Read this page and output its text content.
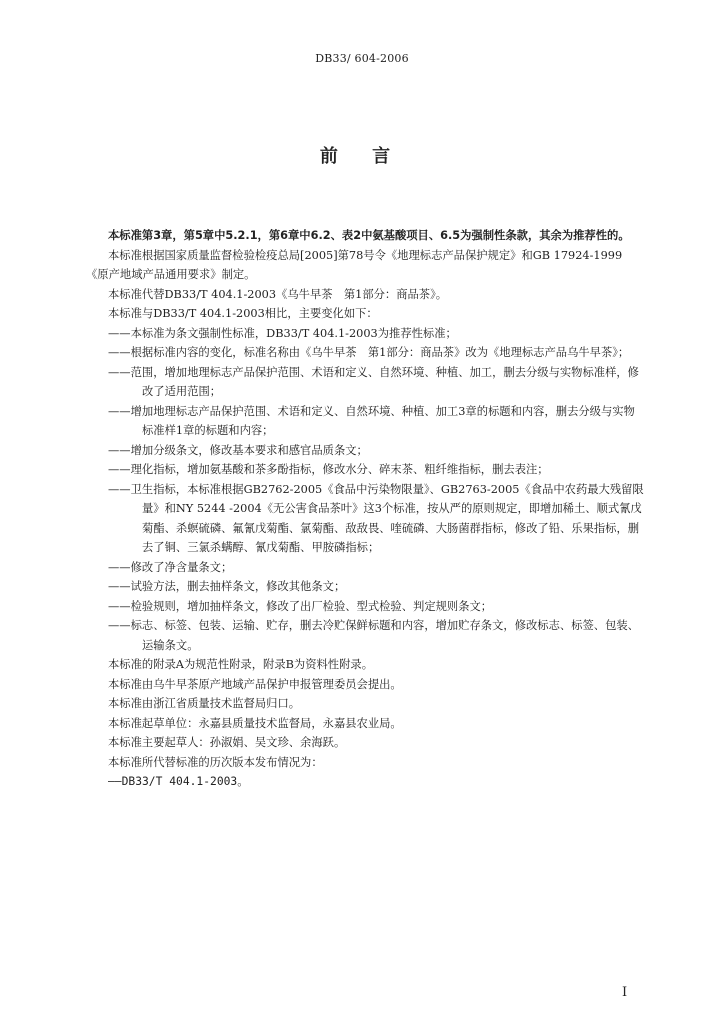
DB33/ 604-2006
前 言

本标准第3章，第5章中5.2.1，第6章中6.2、表2中氨基酸项目、6.5为强制性条款，其余为推荐性的。

本标准根据国家质量监督检验检疫总局[2005]第78号令《地理标志产品保护规定》和GB 17924-1999《原产地域产品通用要求》制定。

本标准代替DB33/T 404.1-2003《乌牛早茶　第1部分：商品茶》。

本标准与DB33/T 404.1-2003相比，主要变化如下：

——本标准为条文强制性标准，DB33/T 404.1-2003为推荐性标准；

——根据标准内容的变化，标准名称由《乌牛早茶　第1部分：商品茶》改为《地理标志产品乌牛早茶》；

——范围，增加地理标志产品保护范围、术语和定义、自然环境、种植、加工，删去分级与实物标准样，修改了适用范围；

——增加地理标志产品保护范围、术语和定义、自然环境、种植、加工3章的标题和内容，删去分级与实物标准样1章的标题和内容；

——增加分级条文，修改基本要求和感官品质条文；

——理化指标，增加氨基酸和茶多酚指标，修改水分、碎末茶、粗纤维指标，删去表注；

——卫生指标，本标准根据GB2762-2005《食品中污染物限量》、GB2763-2005《食品中农药最大残留限量》和NY 5244 -2004《无公害食品茶叶》这3个标准，按从严的原则规定，即增加稀土、顺式氰戊菊酯、杀螟硫磷、氟氰戊菊酯、氯菊酯、敌敌畏、喹硫磷、大肠菌群指标，修改了铅、乐果指标，删去了铜、三氯杀螨醇、氰戊菊酯、甲胺磷指标；

——修改了净含量条文；

——试验方法，删去抽样条文，修改其他条文；

——检验规则，增加抽样条文，修改了出厂检验、型式检验、判定规则条文；

——标志、标签、包装、运输、贮存，删去冷贮保鲜标题和内容，增加贮存条文，修改标志、标签、包装、运输条文。

本标准的附录A为规范性附录，附录B为资料性附录。

本标准由乌牛早茶原产地域产品保护申报管理委员会提出。

本标准由浙江省质量技术监督局归口。

本标准起草单位：永嘉县质量技术监督局，永嘉县农业局。

本标准主要起草人：孙淑娟、吴文珍、余海跃。

本标准所代替标准的历次版本发布情况为：

——DB33/T 404.1-2003。

I
